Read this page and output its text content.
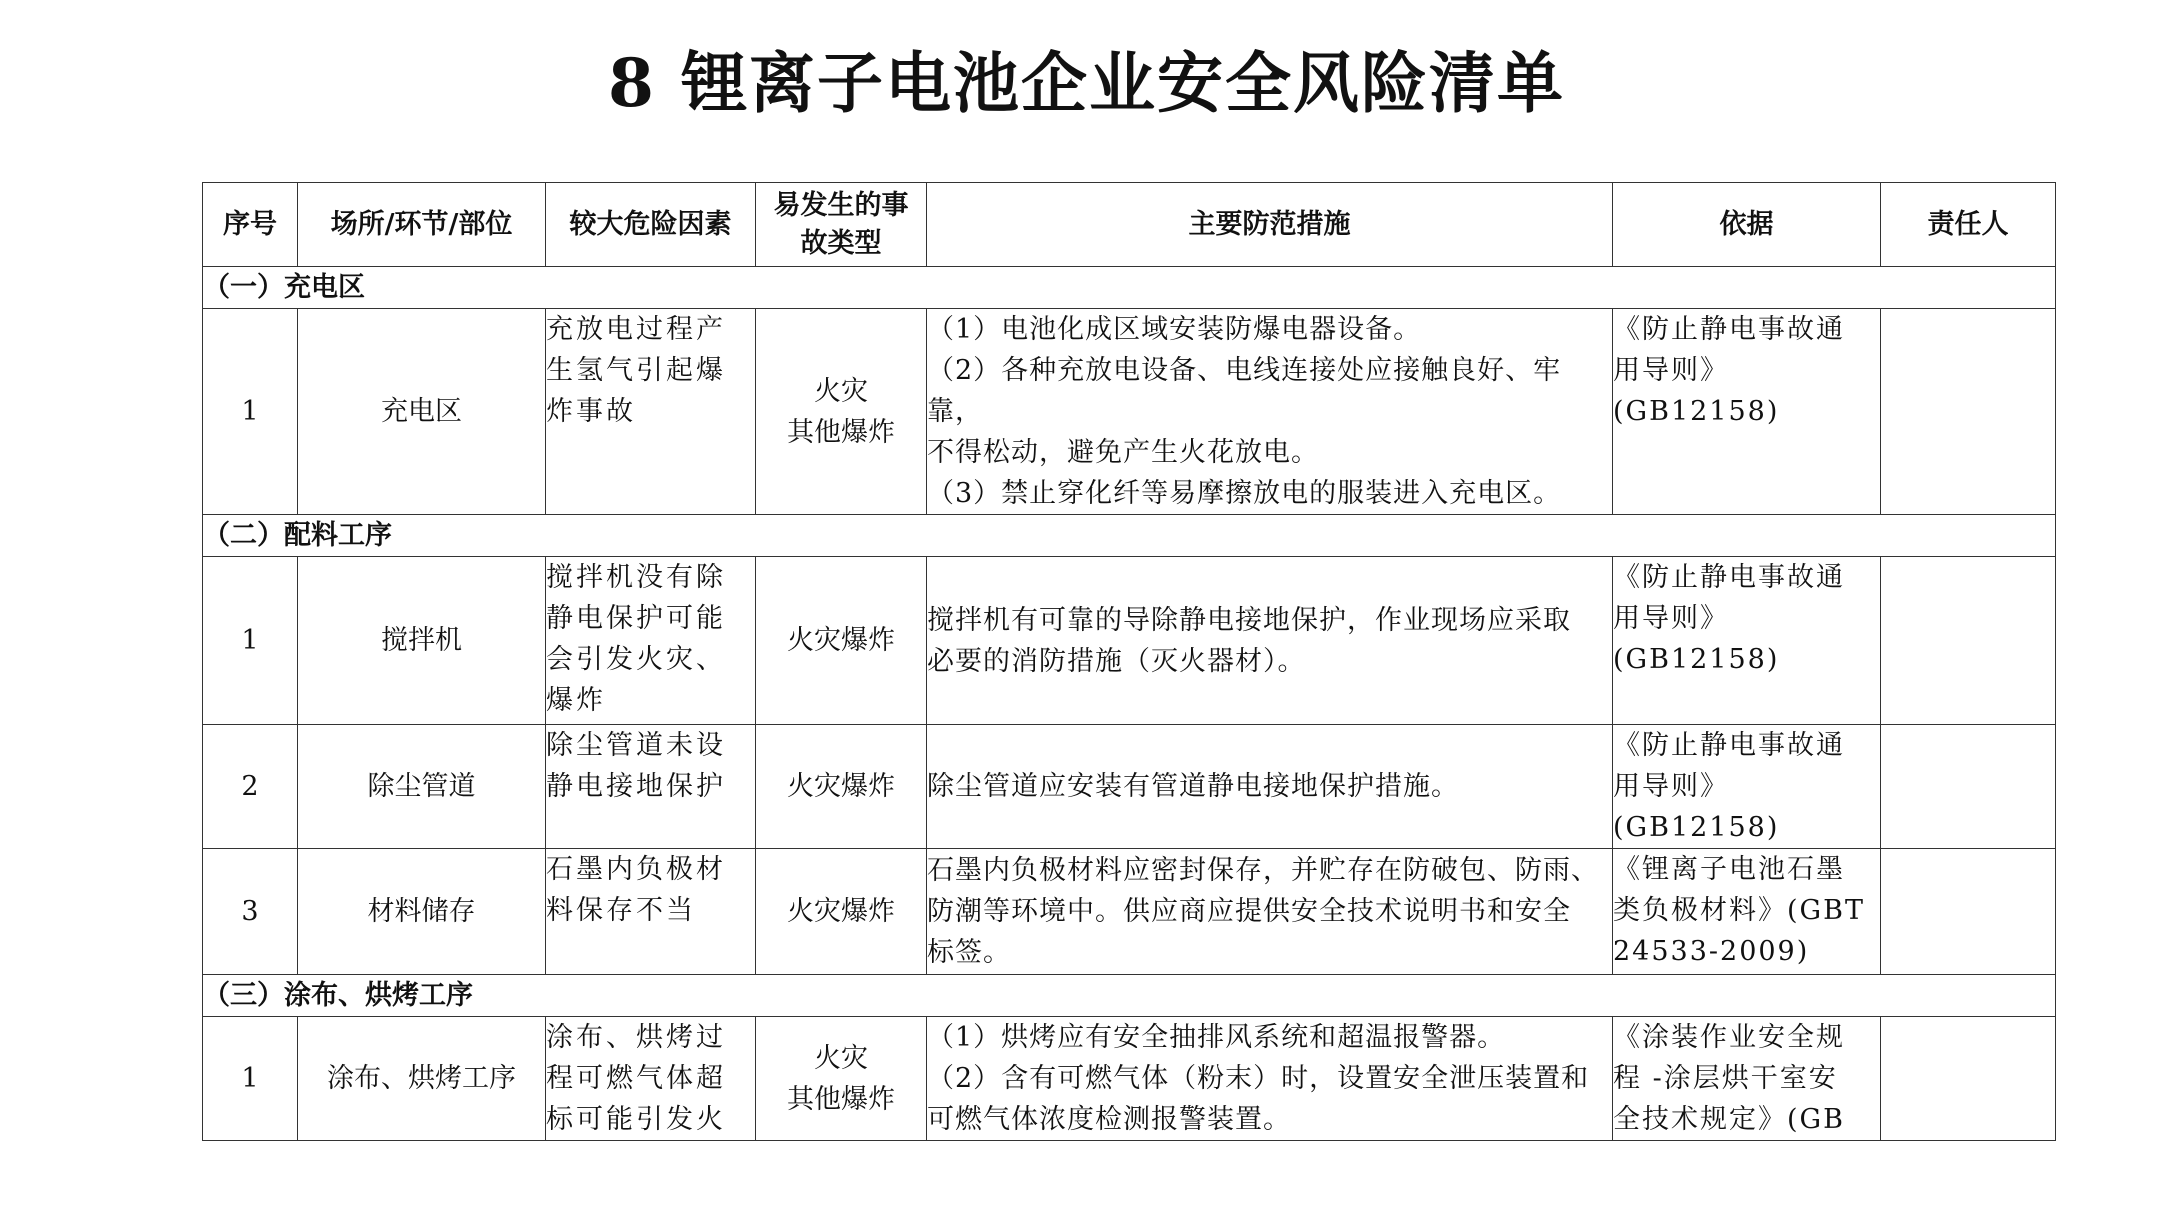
8 锂离子电池企业安全风险清单
序号	场所/环节/部位	较大危险因素	易发生的事故类型	主要防范措施	依据	责任人
（一）充电区						
1	充电区	充放电过程产
生氢气引起爆
炸事故	火灾
其他爆炸	（1）电池化成区域安装防爆电器设备。
（2）各种充放电设备、电线连接处应接触良好、牢靠，
不得松动，避免产生火花放电。
（3）禁止穿化纤等易摩擦放电的服装进入充电区。	《防止静电事故通
用导则》(GB12158)	

（二）配料工序						
1	搅拌机	搅拌机没有除
静电保护可能
会引发火灾、
爆炸	火灾爆炸	搅拌机有可靠的导除静电接地保护，作业现场应采取
必要的消防措施（灭火器材）。	《防止静电事故通
用导则》(GB12158)	

2	除尘管道	除尘管道未设
静电接地保护	火灾爆炸	除尘管道应安装有管道静电接地保护措施。	《防止静电事故通
用导则》(GB12158)	

3	材料储存	石墨内负极材
料保存不当	火灾爆炸	石墨内负极材料应密封保存，并贮存在防破包、防雨、
防潮等环境中。供应商应提供安全技术说明书和安全
标签。	《锂离子电池石墨
类负极材料》(GBT
24533-2009)	

（三）涂布、烘烤工序						
1	涂布、烘烤工序	涂布、烘烤过
程可燃气体超
标可能引发火	火灾
其他爆炸	（1）烘烤应有安全抽排风系统和超温报警器。
（2）含有可燃气体（粉末）时，设置安全泄压装置和
可燃气体浓度检测报警装置。	《涂装作业安全规
程 -涂层烘干室安
全技术规定》(GB	
